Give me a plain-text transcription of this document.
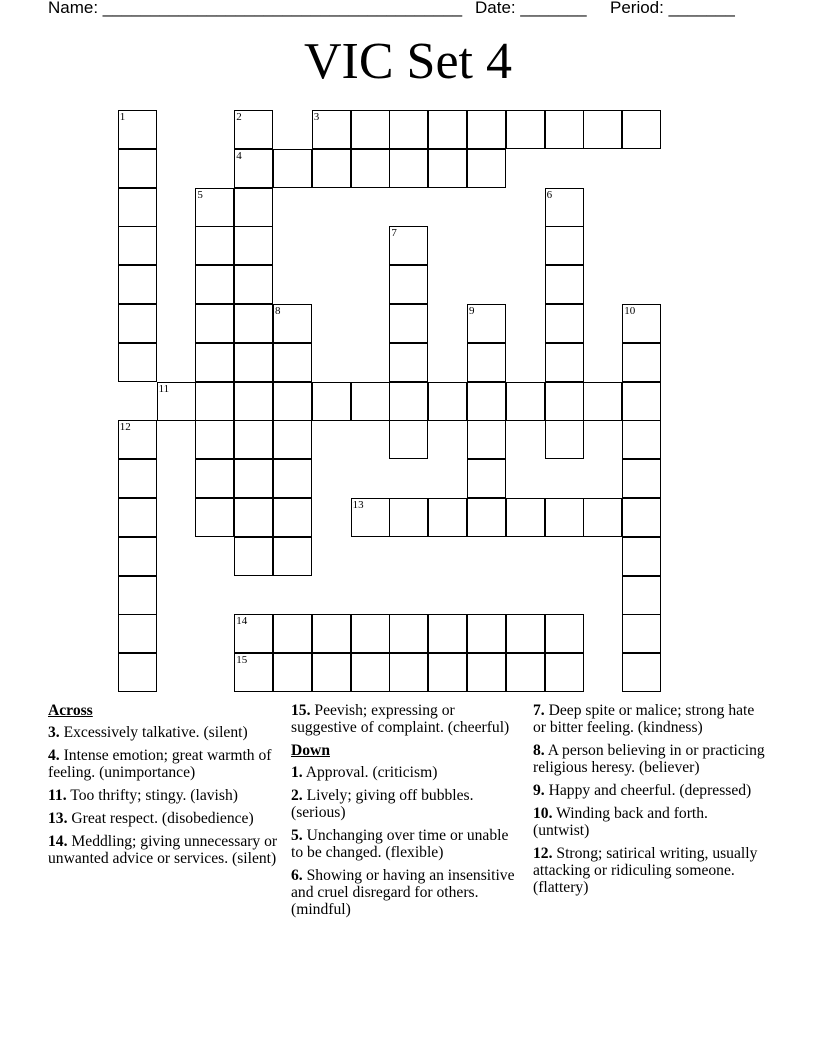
Name: ______________________________________

Date: _______

Period: _______

VIC Set 4
1	2	3
4
5	6
7
8	9	10
11
12
13
14
15
Across
3. Excessively talkative. (silent)
4. Intense emotion; great warmth of feeling. (unimportance)
11. Too thrifty; stingy. (lavish)
13. Great respect. (disobedience)
14. Meddling; giving unnecessary or unwanted advice or services. (silent)
15. Peevish; expressing or suggestive of complaint. (cheerful)
Down
1. Approval. (criticism)
2. Lively; giving off bubbles. (serious)
5. Unchanging over time or unable to be changed. (flexible)
6. Showing or having an insensitive and cruel disregard for others. (mindful)
7. Deep spite or malice; strong hate or bitter feeling. (kindness)
8. A person believing in or practicing religious heresy. (believer)
9. Happy and cheerful. (depressed)
10. Winding back and forth. (untwist)
12. Strong; satirical writing, usually attacking or ridiculing someone. (flattery)
